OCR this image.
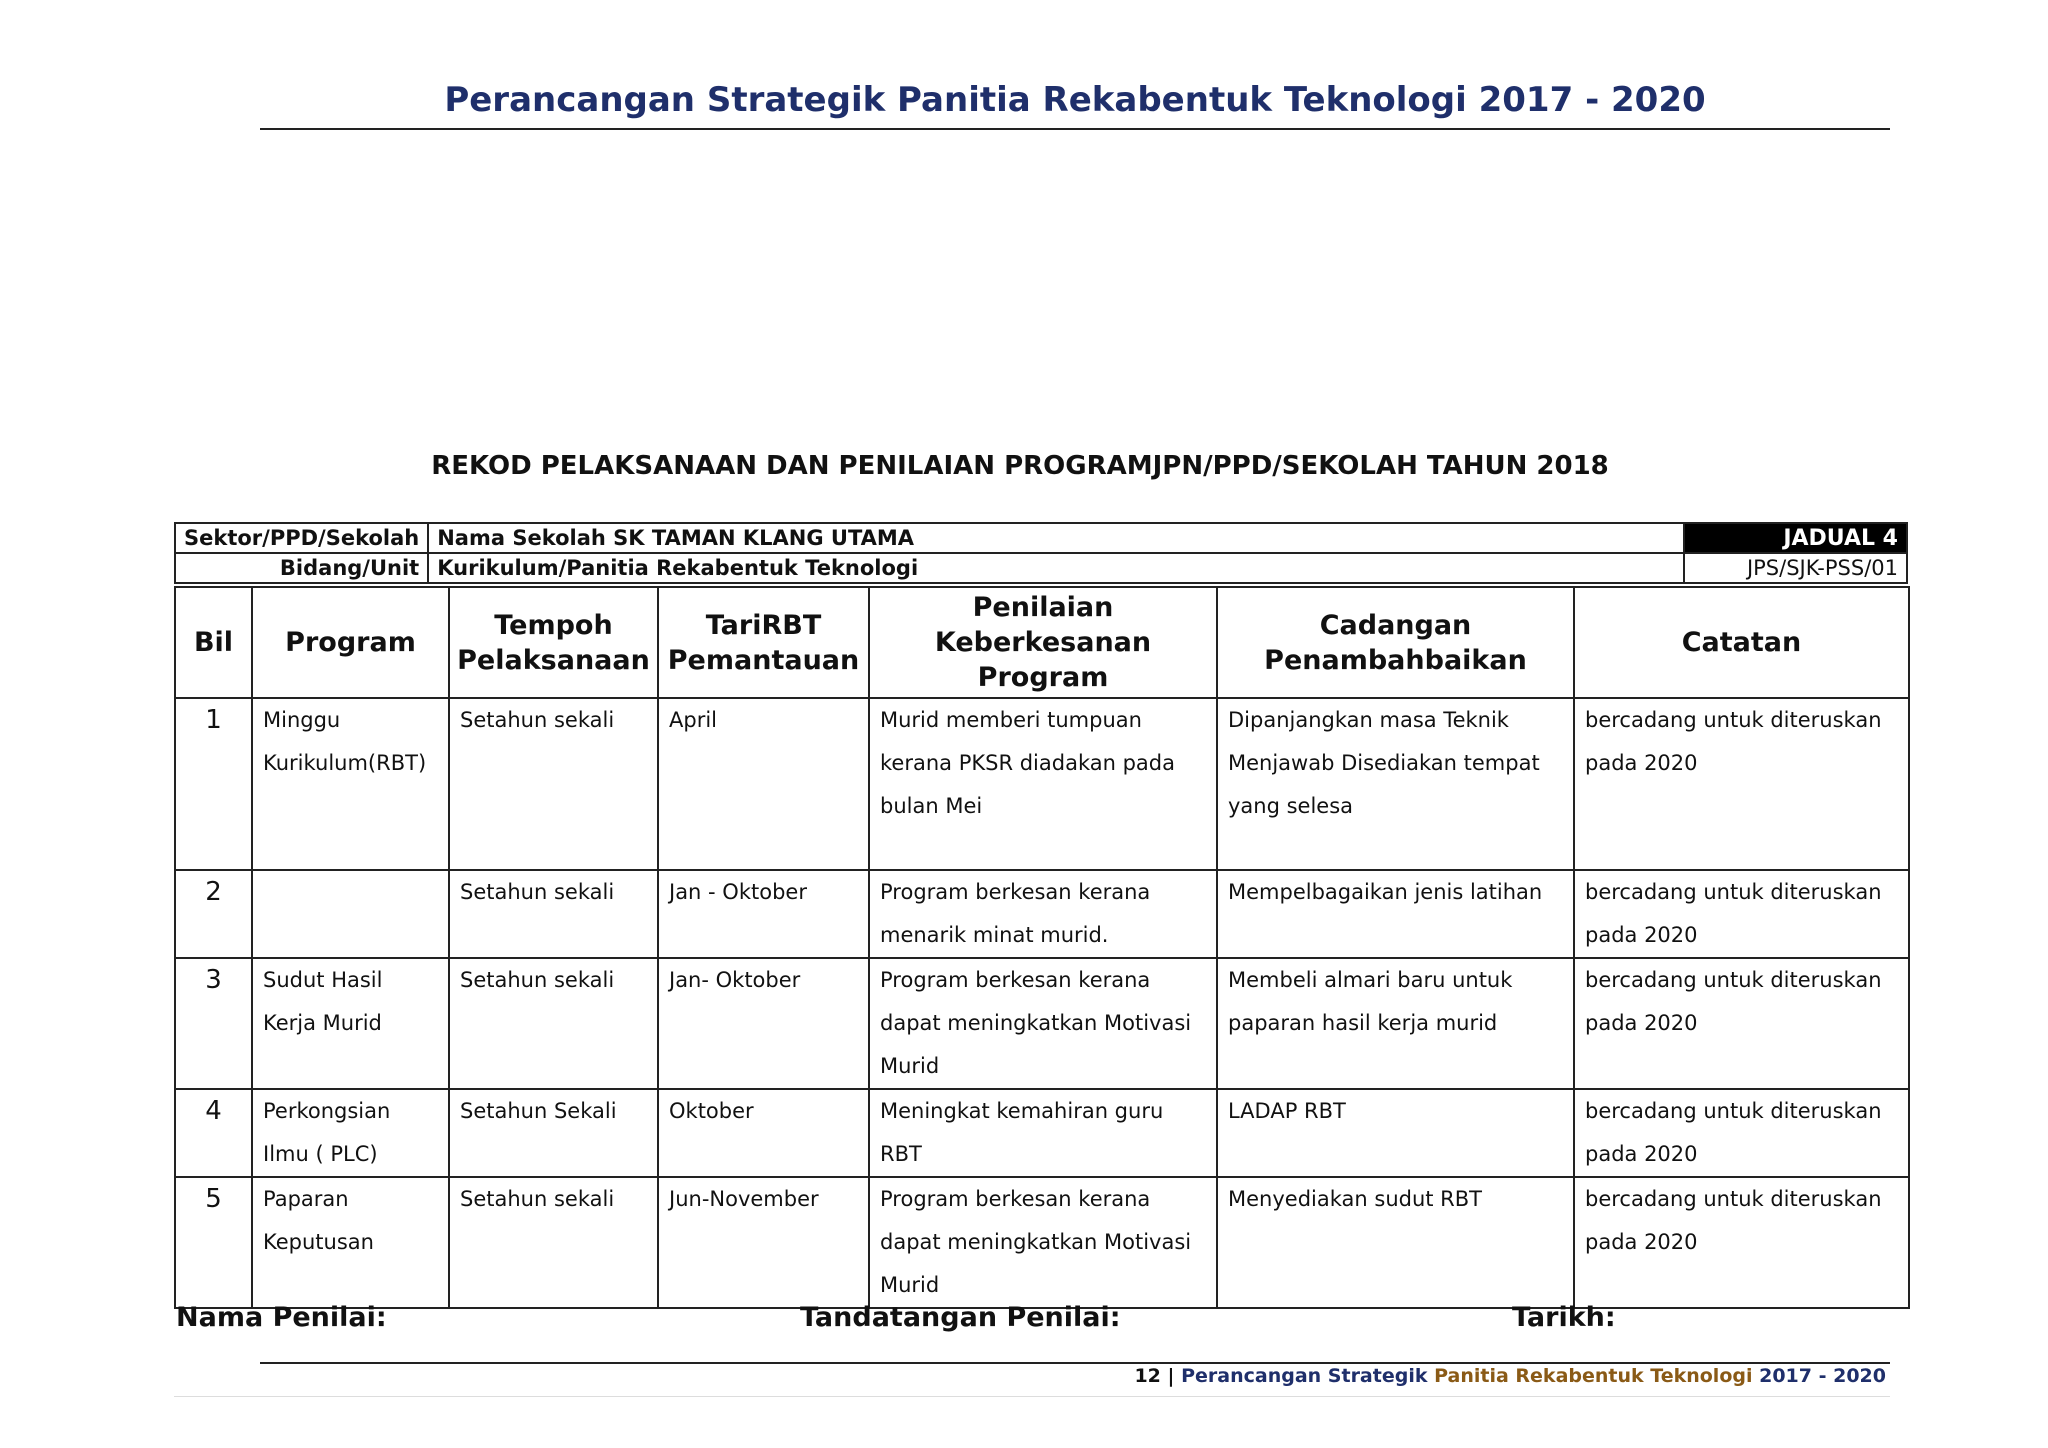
Perancangan Strategik Panitia Rekabentuk Teknologi 2017 - 2020
REKOD PELAKSANAAN DAN PENILAIAN PROGRAMJPN/PPD/SEKOLAH TAHUN 2018
Sektor/PPD/Sekolah	Nama Sekolah SK TAMAN KLANG UTAMA	JADUAL 4
Bidang/Unit	Kurikulum/Panitia Rekabentuk Teknologi	JPS/SJK-PSS/01
Bil	Program	Tempoh Pelaksanaan	TariRBT Pemantauan	Penilaian Keberkesanan Program	Cadangan Penambahbaikan	Catatan
1	Minggu Kurikulum(RBT)	Setahun sekali	April	Murid memberi tumpuan kerana PKSR diadakan pada bulan Mei	Dipanjangkan masa Teknik Menjawab Disediakan tempat yang selesa	bercadang untuk diteruskan pada 2020
2		Setahun sekali	Jan - Oktober	Program berkesan kerana menarik minat murid.	Mempelbagaikan jenis latihan	bercadang untuk diteruskan pada 2020
3	Sudut Hasil Kerja Murid	Setahun sekali	Jan- Oktober	Program berkesan kerana dapat meningkatkan Motivasi Murid	Membeli almari baru untuk paparan hasil kerja murid	bercadang untuk diteruskan pada 2020
4	Perkongsian Ilmu ( PLC)	Setahun Sekali	Oktober	Meningkat kemahiran guru RBT	LADAP RBT	bercadang untuk diteruskan pada 2020
5	Paparan Keputusan	Setahun sekali	Jun-November	Program berkesan kerana dapat meningkatkan Motivasi Murid	Menyediakan sudut RBT	bercadang untuk diteruskan pada 2020
Nama Penilai:	Tandatangan Penilai:	Tarikh:
12 | Perancangan Strategik Panitia Rekabentuk Teknologi 2017 - 2020
